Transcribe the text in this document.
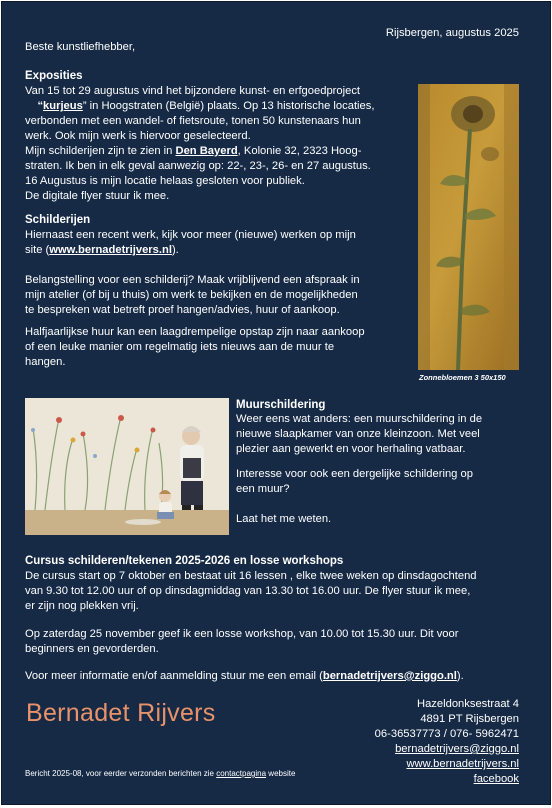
Rijsbergen, augustus 2025
Beste kunstliefhebber,
Exposities
Van 15 tot 29 augustus vind het bijzondere kunst- en erfgoedproject
“kurjeus” in Hoogstraten (België) plaats. Op 13 historische locaties,
verbonden met een wandel- of fietsroute, tonen 50 kunstenaars hun
werk. Ook mijn werk is hiervoor geselecteerd.
Mijn schilderijen zijn te zien in Den Bayerd, Kolonie 32, 2323 Hoog-
straten. Ik ben in elk geval aanwezig op: 22-, 23-, 26- en 27 augustus.
16 Augustus is mijn locatie helaas gesloten voor publiek.
De digitale flyer stuur ik mee.
Zonnebloemen 3 50x150
Schilderijen
Hiernaast een recent werk, kijk voor meer (nieuwe) werken op mijn
site (www.bernadetrijvers.nl).
Belangstelling voor een schilderij? Maak vrijblijvend een afspraak in
mijn atelier (of bij u thuis) om werk te bekijken en de mogelijkheden
te bespreken wat betreft proef hangen/advies, huur of aankoop.
Halfjaarlijkse huur kan een laagdrempelige opstap zijn naar aankoop
of een leuke manier om regelmatig iets nieuws aan de muur te
hangen.
Muurschildering
Weer eens wat anders: een muurschildering in de
nieuwe slaapkamer van onze kleinzoon. Met veel
plezier aan gewerkt en voor herhaling vatbaar.
Interesse voor ook een dergelijke schildering op
een muur?
Laat het me weten.
Cursus schilderen/tekenen 2025-2026 en losse workshops
De cursus start op 7 oktober en bestaat uit 16 lessen , elke twee weken op dinsdagochtend
van 9.30 tot 12.00 uur of op dinsdagmiddag van 13.30 tot 16.00 uur. De flyer stuur ik mee,
er zijn nog plekken vrij.
Op zaterdag 25 november geef ik een losse workshop, van 10.00 tot 15.30 uur. Dit voor
beginners en gevorderden.
Voor meer informatie en/of aanmelding stuur me een email (bernadetrijvers@ziggo.nl).
Bernadet Rijvers	Hazeldonksestraat 4
4891 PT Rijsbergen
06-36537773 / 076- 5962471
bernadetrijvers@ziggo.nl
www.bernadetrijvers.nl
facebook
Bericht 2025-08, voor eerder verzonden berichten zie contactpagina website
